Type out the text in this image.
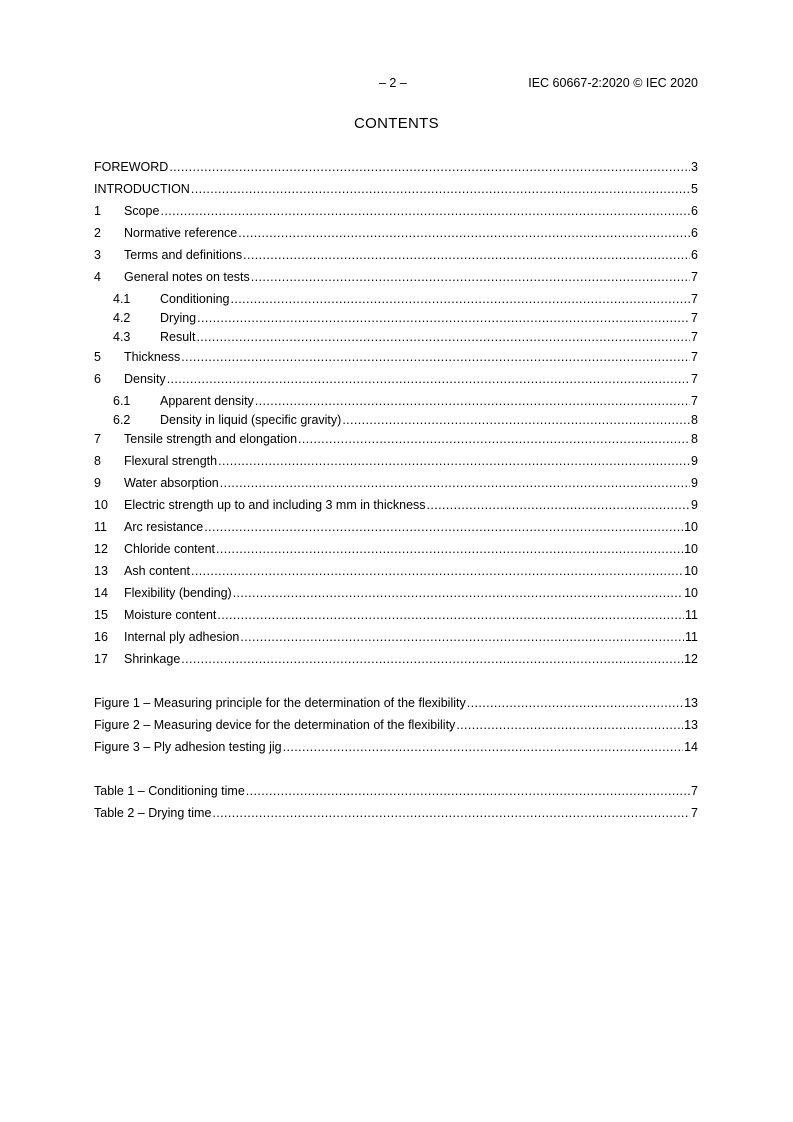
– 2 –	IEC 60667-2:2020 © IEC 2020
CONTENTS
FOREWORD .....	3
INTRODUCTION .....	5
1	Scope .....	6
2	Normative reference .....	6
3	Terms and definitions .....	6
4	General notes on tests .....	7
4.1	Conditioning .....	7
4.2	Drying .....	7
4.3	Result .....	7
5	Thickness .....	7
6	Density .....	7
6.1	Apparent density .....	7
6.2	Density in liquid (specific gravity) .....	8
7	Tensile strength and elongation .....	8
8	Flexural strength .....	9
9	Water absorption .....	9
10	Electric strength up to and including 3 mm in thickness .....	9
11	Arc resistance .....	10
12	Chloride content .....	10
13	Ash content .....	10
14	Flexibility (bending) .....	10
15	Moisture content .....	11
16	Internal ply adhesion .....	11
17	Shrinkage .....	12
Figure 1 – Measuring principle for the determination of the flexibility .....	13
Figure 2 – Measuring device for the determination of the flexibility .....	13
Figure 3 – Ply adhesion testing jig .....	14
Table 1 – Conditioning time .....	7
Table 2 – Drying time .....	7
